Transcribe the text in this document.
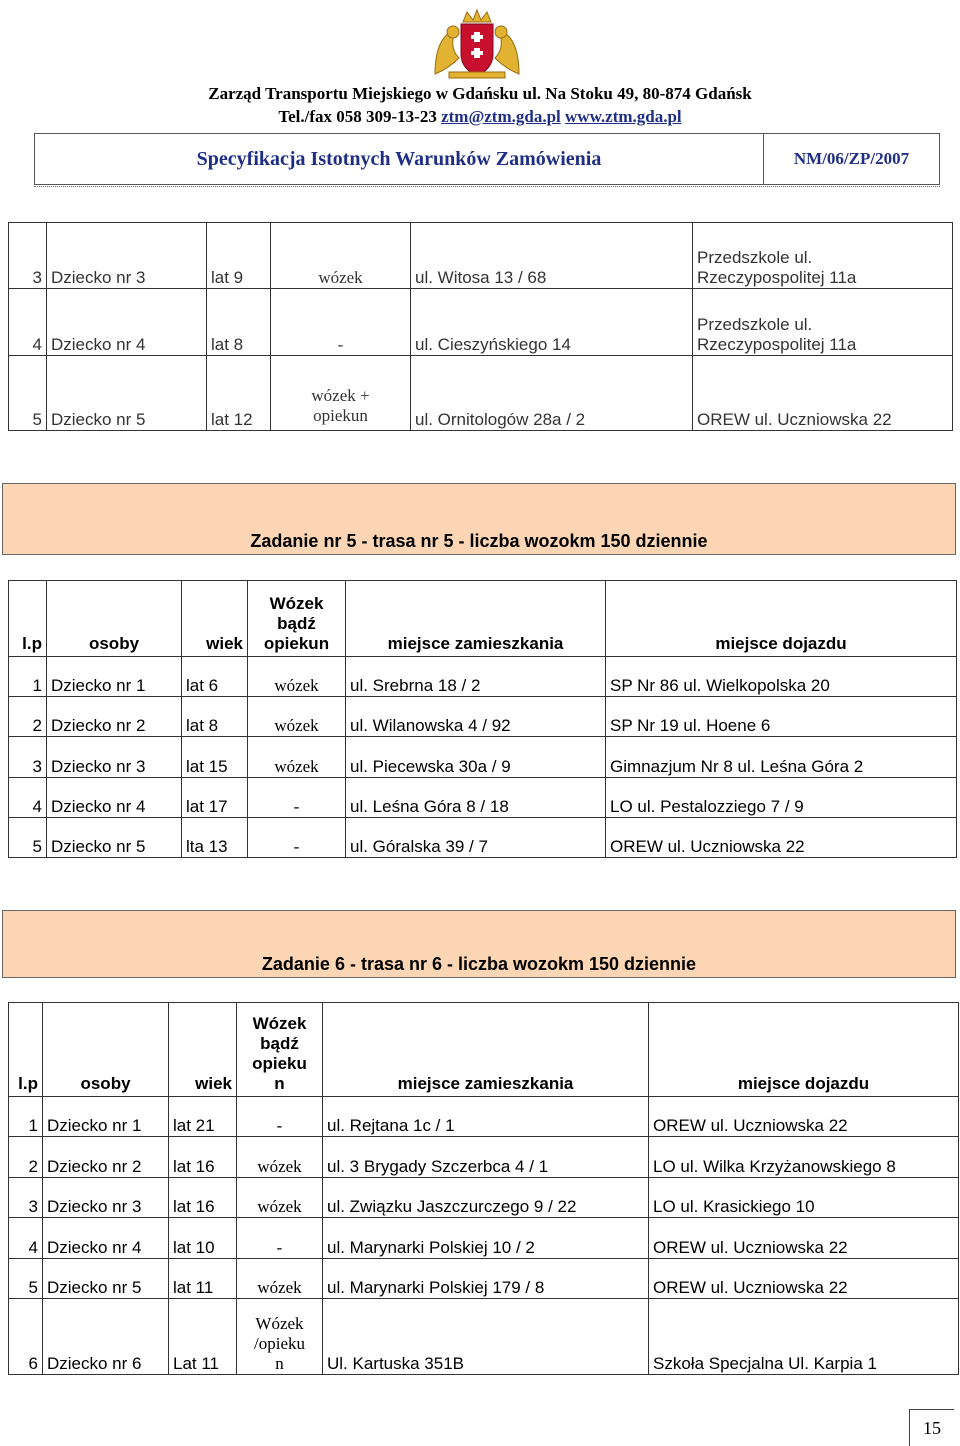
Zarząd Transportu Miejskiego w Gdańsku ul. Na Stoku 49, 80-874 Gdańsk
Tel./fax 058 309-13-23 ztm@ztm.gda.pl www.ztm.gda.pl
Specyfikacja Istotnych Warunków Zamówienia	NM/06/ZP/2007
3	Dziecko nr 3	lat 9	wózek	ul. Witosa 13 / 68	Przedszkole ul.
Rzeczypospolitej 11a

4	Dziecko nr 4	lat 8	-	ul. Cieszyńskiego 14	Przedszkole ul.
Rzeczypospolitej 11a

5	Dziecko nr 5	lat 12	wózek +
opiekun	ul. Ornitologów 28a / 2	OREW ul. Uczniowska 22
Zadanie nr 5 - trasa nr 5 - liczba wozokm 150 dziennie
l.p	osoby	wiek	Wózek
bądź
opiekun	miejsce zamieszkania	miejsce dojazdu
1	Dziecko nr 1	lat 6	wózek	ul. Srebrna 18 / 2	SP Nr 86 ul. Wielkopolska 20
2	Dziecko nr 2	lat 8	wózek	ul. Wilanowska 4 / 92	SP Nr 19 ul. Hoene 6
3	Dziecko nr 3	lat 15	wózek	ul. Piecewska 30a / 9	Gimnazjum Nr 8 ul. Leśna Góra 2
4	Dziecko nr 4	lat 17	-	ul. Leśna Góra 8 / 18	LO ul. Pestalozziego 7 / 9
5	Dziecko nr 5	lta 13	-	ul. Góralska 39 / 7	OREW ul. Uczniowska 22
Zadanie 6 - trasa nr 6 - liczba wozokm 150 dziennie
l.p	osoby	wiek	Wózek
bądź
opieku
n	miejsce zamieszkania	miejsce dojazdu
1	Dziecko nr 1	lat 21	-	ul. Rejtana 1c / 1	OREW ul. Uczniowska 22
2	Dziecko nr 2	lat 16	wózek	ul. 3 Brygady Szczerbca 4 / 1	LO ul. Wilka Krzyżanowskiego 8
3	Dziecko nr 3	lat 16	wózek	ul. Związku Jaszczurczego 9 / 22	LO ul. Krasickiego 10
4	Dziecko nr 4	lat 10	-	ul. Marynarki Polskiej 10 / 2	OREW ul. Uczniowska 22
5	Dziecko nr 5	lat 11	wózek	ul. Marynarki Polskiej 179 / 8	OREW ul. Uczniowska 22
6	Dziecko nr 6	Lat 11	Wózek
/opieku
n	Ul. Kartuska 351B	Szkoła Specjalna Ul. Karpia 1
15
